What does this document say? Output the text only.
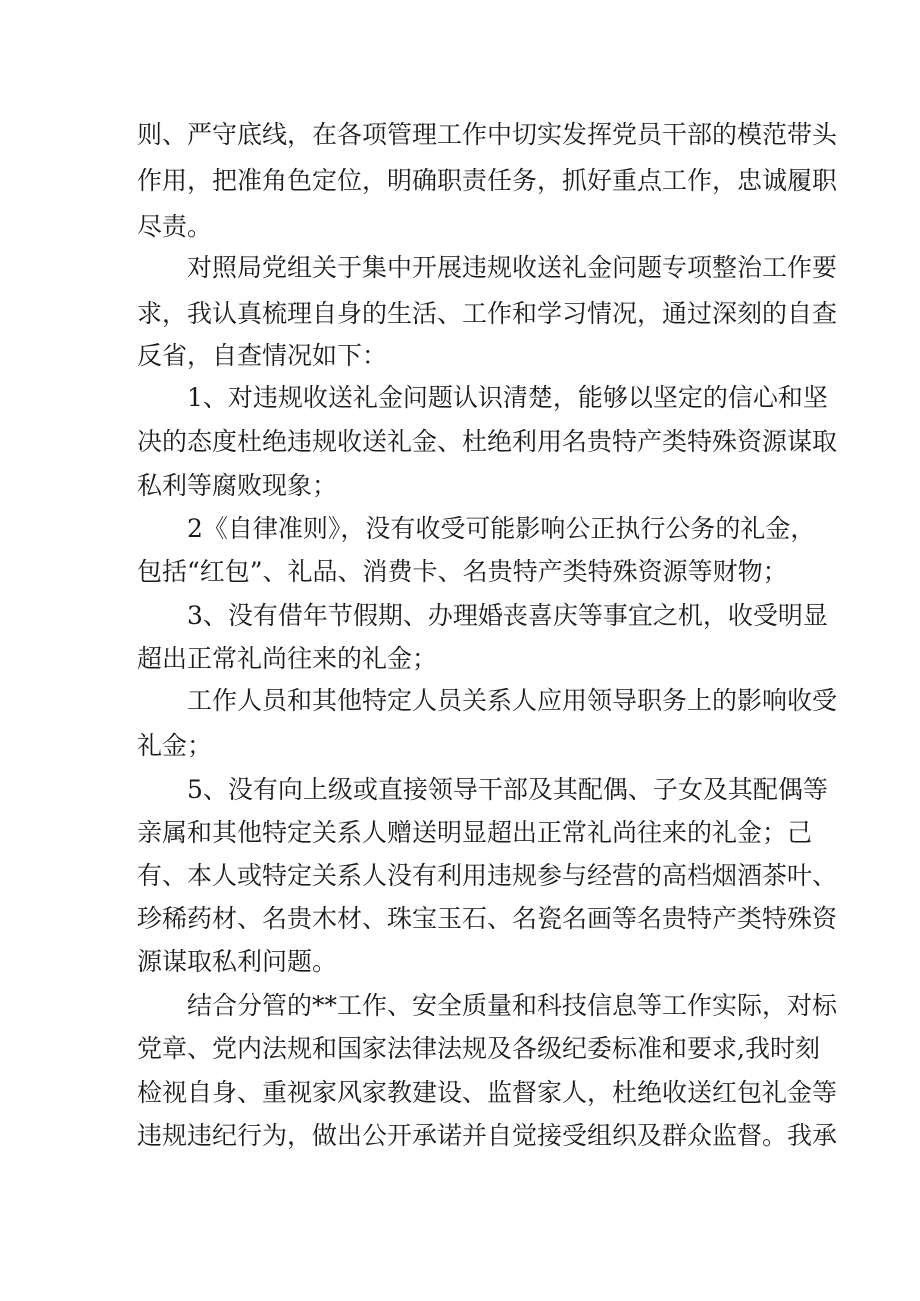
则、严守底线，在各项管理工作中切实发挥党员干部的模范带头
作用，把准角色定位，明确职责任务，抓好重点工作，忠诚履职
尽责。
对照局党组关于集中开展违规收送礼金问题专项整治工作要
求，我认真梳理自身的生活、工作和学习情况，通过深刻的自查
反省，自查情况如下：
1、对违规收送礼金问题认识清楚，能够以坚定的信心和坚
决的态度杜绝违规收送礼金、杜绝利用名贵特产类特殊资源谋取
私利等腐败现象；
2《自律准则》，没有收受可能影响公正执行公务的礼金，
包括“红包”、礼品、消费卡、名贵特产类特殊资源等财物；
3、没有借年节假期、办理婚丧喜庆等事宜之机，收受明显
超出正常礼尚往来的礼金；
工作人员和其他特定人员关系人应用领导职务上的影响收受
礼金；
5、没有向上级或直接领导干部及其配偶、子女及其配偶等
亲属和其他特定关系人赠送明显超出正常礼尚往来的礼金；己
有、本人或特定关系人没有利用违规参与经营的高档烟酒茶叶、
珍稀药材、名贵木材、珠宝玉石、名瓷名画等名贵特产类特殊资
源谋取私利问题。
结合分管的**工作、安全质量和科技信息等工作实际，对标
党章、党内法规和国家法律法规及各级纪委标准和要求,我时刻
检视自身、重视家风家教建设、监督家人，杜绝收送红包礼金等
违规违纪行为，做出公开承诺并自觉接受组织及群众监督。我承
